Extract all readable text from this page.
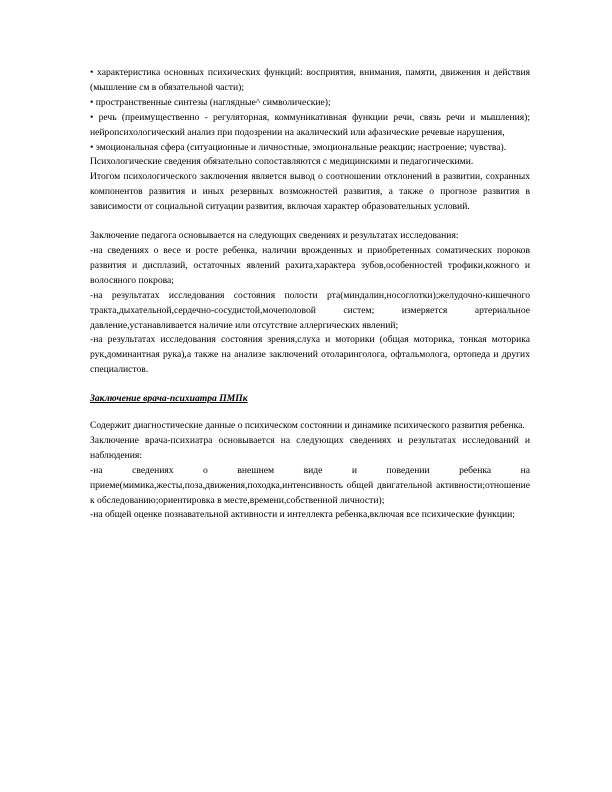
• характеристика основных психических функций: восприятия, внимания, памяти, движения и действия (мышление см в обязательной части);

• пространственные синтезы (наглядные^ символические);

• речь (преимущественно - регуляторная, коммуникативная функции речи, связь речи и мышления); нейропсихологический анализ при подозрении на акалический или афазические речевые нарушения,

• эмоциональная сфера (ситуационные и личностные, эмоциональные реакции; настроение; чувства).

Психологические сведения обязательно сопоставляются с медицинскими и педагогическими.

Итогом психологического заключения является вывод о соотношении отклонений в развитии, сохранных компонентов развития и иных резервных возможностей развития, а также о прогнозе развития в зависимости от социальной ситуации развития, включая характер образовательных условий.

Заключение педагога основывается на следующих сведениях и результатах исследования:

-на сведениях о весе и росте ребенка, наличии врожденных и приобретенных соматических пороков развития и дисплазий, остаточных явлений рахита,характера зубов,особенностей трофики,кожного и волосяного покрова;

-на результатах исследования состояния полости рта(миндалин,носоглотки);желудочно-кишечного тракта,дыхательной,сердечно-сосудистой,мочеполовой систем; измеряется артериальное давление,устанавливается наличие или отсутствие аллергических явлений;

-на результатах исследования состояния зрения,слуха и моторики (общая моторика, тонкая моторика рук,доминантная рука),а также на анализе заключений отоларинголога, офтальмолога, ортопеда и других специалистов.

Заключение врача-психиатра ПМПк

Содержит диагностические данные о психическом состоянии и динамике психического развития ребенка.

Заключение врача-психиатра основывается на следующих сведениях и результатах исследований и наблюдения:

-на сведениях о внешнем виде и поведении ребенка на приеме(мимика,жесты,поза,движения,походка,интенсивность общей двигательной активности;отношение к обследованию;ориентировка в месте,времени,собственной личности);

-на общей оценке познавательной активности и интеллекта ребенка,включая все психические функции;
